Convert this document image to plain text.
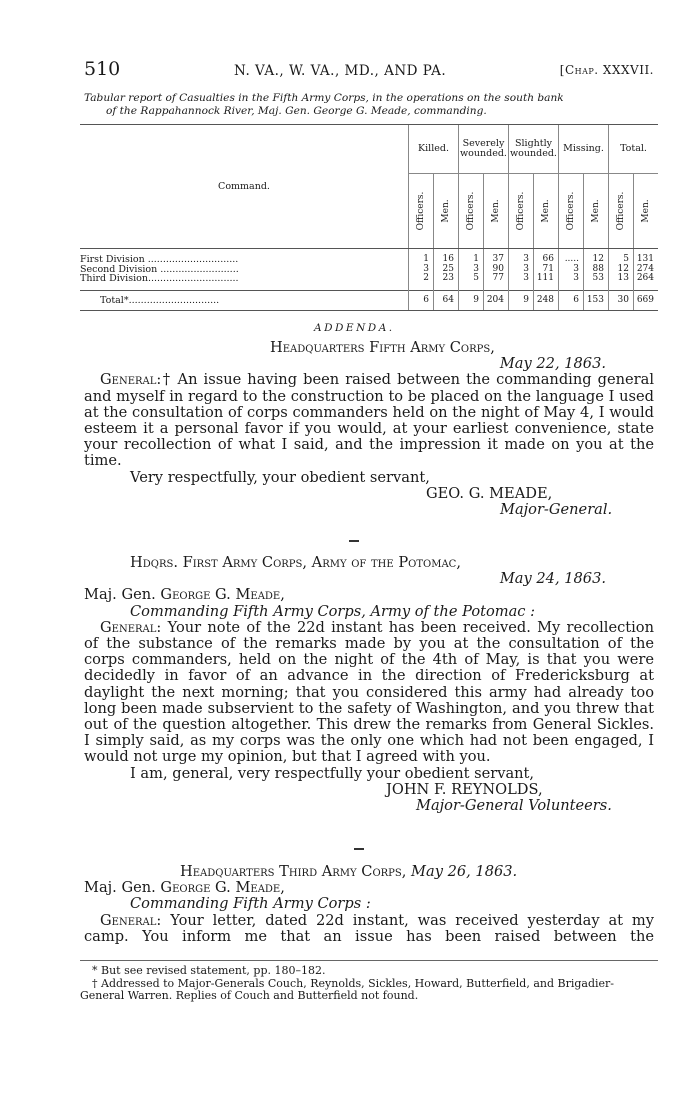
510	N. VA., W. VA., MD., AND PA.	[Chap. XXXVII.
Tabular report of Casualties in the Fifth Army Corps, in the operations on the south bank
of the Rappahannock River, Maj. Gen. George G. Meade, commanding.
Command.	Killed.		Severely wounded.		Slightly wounded.		Missing.		Total.	

	Officers.	Men.	Officers.	Men.	Officers.	Men.	Officers.	Men.	Officers.	Men.

First Division ..............................	1	16	1	37	3	66	.....	12	5	131
Second Division ..........................	3	25	3	90	3	71	3	88	12	274
Third Division..............................	2	23	5	77	3	111	3	53	13	264
Total*..............................	6	64	9	204	9	248	6	153	30	669
ADDENDA.
Headquarters Fifth Army Corps,
May 22, 1863.

General:† An issue having been raised between the commanding general and myself in regard to the construction to be placed on the language I used at the consultation of corps commanders held on the night of May 4, I would esteem it a personal favor if you would, at your earliest convenience, state your recollection of what I said, and the impression it made on you at the time.

Very respectfully, your obedient servant,
GEO. G. MEADE,
Major-General.
Hdqrs. First Army Corps, Army of the Potomac,
May 24, 1863.
Maj. Gen. George G. Meade,
Commanding Fifth Army Corps, Army of the Potomac :

General: Your note of the 22d instant has been received. My recollection of the substance of the remarks made by you at the consultation of the corps commanders, held on the night of the 4th of May, is that you were decidedly in favor of an advance in the direction of Fredericksburg at daylight the next morning; that you considered this army had already too long been made subservient to the safety of Washington, and you threw that out of the question altogether. This drew the remarks from General Sickles. I simply said, as my corps was the only one which had not been engaged, I would not urge my opinion, but that I agreed with you.

I am, general, very respectfully your obedient servant,
JOHN F. REYNOLDS,
Major-General Volunteers.
Headquarters Third Army Corps, May 26, 1863.
Maj. Gen. George G. Meade,
Commanding Fifth Army Corps :

General: Your letter, dated 22d instant, was received yesterday at my camp. You inform me that an issue has been raised between the

* But see revised statement, pp. 180–182.

† Addressed to Major-Generals Couch, Reynolds, Sickles, Howard, Butterfield, and Brigadier-General Warren. Replies of Couch and Butterfield not found.
